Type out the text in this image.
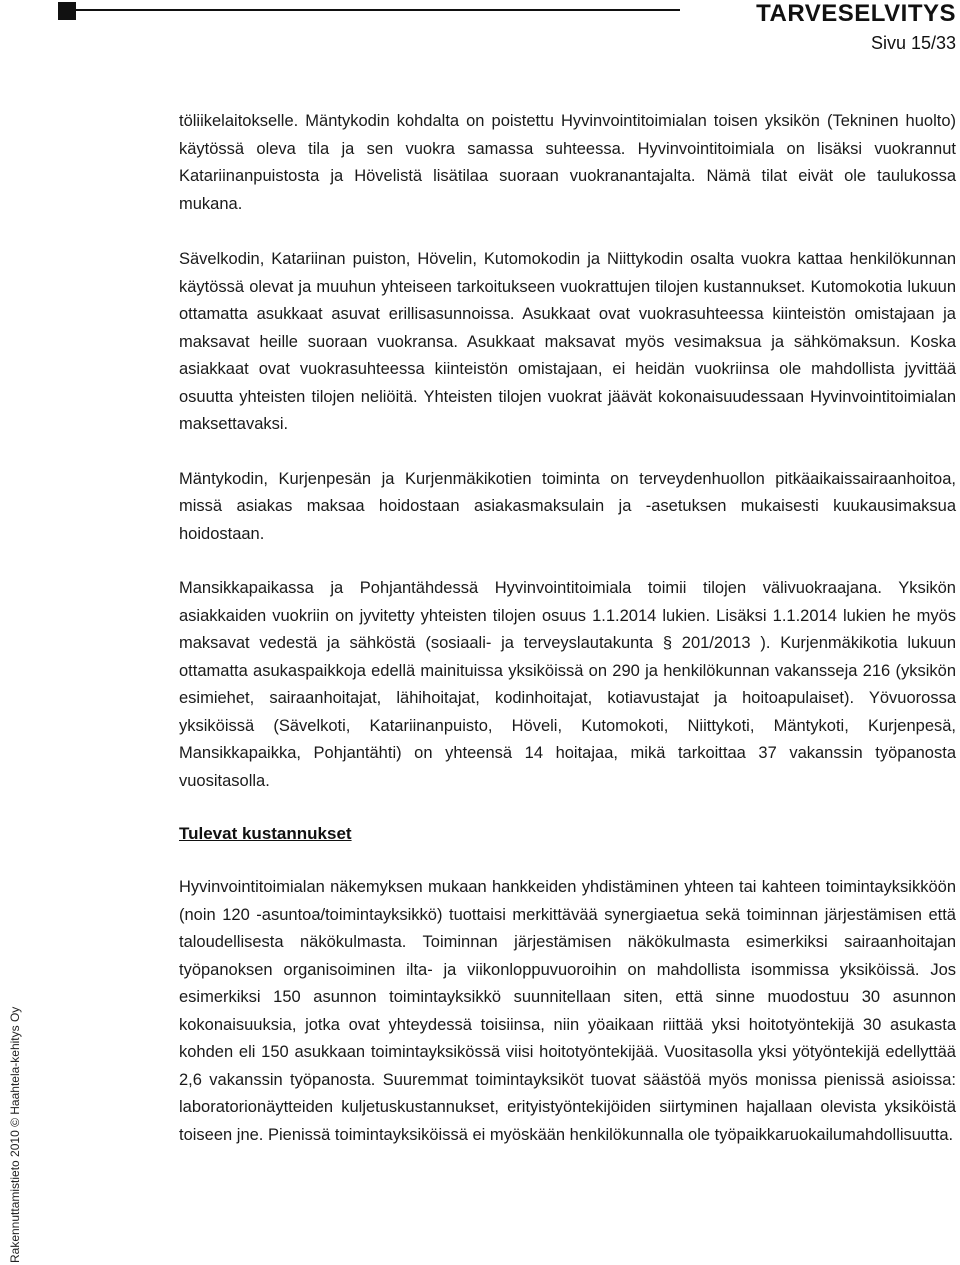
TARVESELVITYS
Sivu 15/33
Rakennuttamistieto 2010 © Haahtela-kehitys Oy

töliikelaitokselle. Mäntykodin kohdalta on poistettu Hyvinvointitoimialan toisen yksikön (Tekninen huolto) käytössä oleva tila ja sen vuokra samassa suhteessa. Hyvinvointitoimiala on lisäksi vuokrannut Katariinanpuistosta ja Hövelistä lisätilaa suoraan vuokranantajalta. Nämä tilat eivät ole taulukossa mukana.

Sävelkodin, Katariinan puiston, Hövelin, Kutomokodin ja Niittykodin osalta vuokra kattaa henkilökunnan käytössä olevat ja muuhun yhteiseen tarkoitukseen vuokrattujen tilojen kustannukset. Kutomokotia lukuun ottamatta asukkaat asuvat erillisasunnoissa. Asukkaat ovat vuokrasuhteessa kiinteistön omistajaan ja maksavat heille suoraan vuokransa. Asukkaat maksavat myös vesimaksua ja sähkömaksun. Koska asiakkaat ovat vuokrasuhteessa kiinteistön omistajaan, ei heidän vuokriinsa ole mahdollista jyvittää osuutta yhteisten tilojen neliöitä. Yhteisten tilojen vuokrat jäävät kokonaisuudessaan Hyvinvointitoimialan maksettavaksi.

Mäntykodin, Kurjenpesän ja Kurjenmäkikotien toiminta on terveydenhuollon pitkäaikaissairaanhoitoa, missä asiakas maksaa hoidostaan asiakasmaksulain ja -asetuksen mukaisesti kuukausimaksua hoidostaan.

Mansikkapaikassa ja Pohjantähdessä Hyvinvointitoimiala toimii tilojen välivuokraajana. Yksikön asiakkaiden vuokriin on jyvitetty yhteisten tilojen osuus 1.1.2014 lukien. Lisäksi 1.1.2014 lukien he myös maksavat vedestä ja sähköstä (sosiaali- ja terveyslautakunta § 201/2013 ). Kurjenmäkikotia lukuun ottamatta asukaspaikkoja edellä mainituissa yksiköissä on 290 ja henkilökunnan vakansseja 216 (yksikön esimiehet, sairaanhoitajat, lähihoitajat, kodinhoitajat, kotiavustajat ja hoitoapulaiset). Yövuorossa yksiköissä (Sävelkoti, Katariinanpuisto, Höveli, Kutomokoti, Niittykoti, Mäntykoti, Kurjenpesä, Mansikkapaikka, Pohjantähti) on yhteensä 14 hoitajaa, mikä tarkoittaa 37 vakanssin työpanosta vuositasolla.

Tulevat kustannukset

Hyvinvointitoimialan näkemyksen mukaan hankkeiden yhdistäminen yhteen tai kahteen toimintayksikköön (noin 120 -asuntoa/toimintayksikkö) tuottaisi merkittävää synergiaetua sekä toiminnan järjestämisen että taloudellisesta näkökulmasta. Toiminnan järjestämisen näkökulmasta esimerkiksi sairaanhoitajan työpanoksen organisoiminen ilta- ja viikonloppuvuoroihin on mahdollista isommissa yksiköissä. Jos esimerkiksi 150 asunnon toimintayksikkö suunnitellaan siten, että sinne muodostuu 30 asunnon kokonaisuuksia, jotka ovat yhteydessä toisiinsa, niin yöaikaan riittää yksi hoitotyöntekijä 30 asukasta kohden eli 150 asukkaan toimintayksikössä viisi hoitotyöntekijää. Vuositasolla yksi yötyöntekijä edellyttää 2,6 vakanssin työpanosta. Suuremmat toimintayksiköt tuovat säästöä myös monissa pienissä asioissa: laboratorionäytteiden kuljetuskustannukset, erityistyöntekijöiden siirtyminen hajallaan olevista yksiköistä toiseen jne. Pienissä toimintayksiköissä ei myöskään henkilökunnalla ole työpaikkaruokailumahdollisuutta.
